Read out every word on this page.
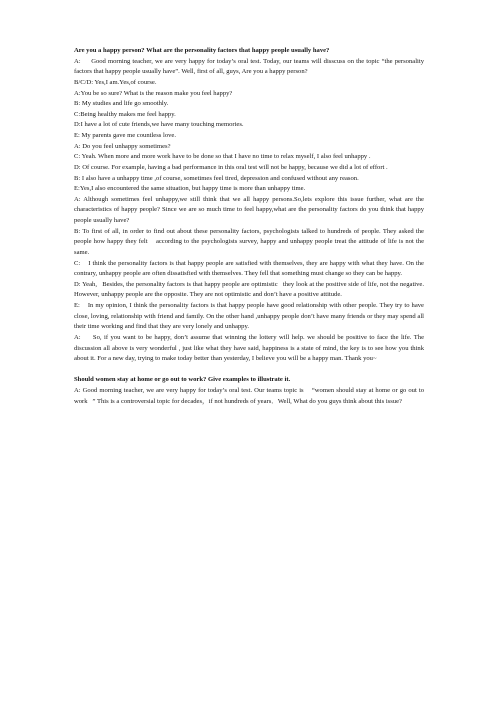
Are you a happy person? What are the personality factors that happy people usually have?

A:     Good morning teacher, we are very happy for today’s oral test. Today, our teams will disscuss on the topic “the personality factors that happy people usually have”. Well, first of all, guys, Are you a happy person?

B/C/D: Yes,I am.Yes,of course.

A:You be so sure? What is the reason make you feel happy?

B: My studies and life go smoothly.

C:Being healthy makes me feel happy.

D:I have a lot of cute friends,we have many touching memories.

E: My parents gave me countless love.

A: Do you feel unhappy sometimes?

C: Yeah. When more and more work have to be done so that I have no time to relax myself, I also feel unhappy .

D: Of course. For example, having a bad performance in this oral test will not be happy, because we did a lot of effort .

B: I also have a unhappy time ,of course, sometimes feel tired, depression and confused without any reason.

E:Yes,I also encountered the same situation, but happy time is more than unhappy time.

A: Although sometimes feel unhappy,we still think that we all happy persons.So,lets explore this issue further, what are the characteristics of happy people? Since we are so much time to feel happy,what are the personality factors do you think that happy people usually have?

B: To first of all, in order to find out about these personality factors, psychologists talked to hundreds of people. They asked the people how happy they felt    according to the psychologists survey, happy and unhappy people treat the attitude of life is not the same.

C:    I think the personality factors is that happy people are satisfied with themselves, they are happy with what they have. On the contrary, unhappy people are often dissatisfied with themselves. They fell that something must change so they can be happy.

D: Yeah,   Besides, the personality factors is that happy people are optimistic   they look at the positive side of life, not the negative. However, unhappy people are the opposite. They are not optimistic and don’t have a positive attitude.

E:    In my opinion, I think the personality factors is that happy people have good relationship with other people. They try to have close, loving, relationship with friend and family. On the other hand ,unhappy people don’t have many friends or they may spend all their time working and find that they are very lonely and unhappy.

A:     So, if you want to be happy, don’t assume that winning the lottery will help. we should be positive to face the life. The discussion all above is very wonderful , just like what they have said, happiness is a state of mind, the key is to see how you think about it. For a new day, trying to make today better than yesterday, I believe you will be a happy man. Thank you~

Should women stay at home or go out to work? Give examples to illustrate it.

A: Good morning teacher, we are very happy for today’s oral test. Our teams topic is    “women should stay at home or go out to work   ” This is a controversial topic for decades，if not hundreds of years．Well, What do you guys think about this issue?
